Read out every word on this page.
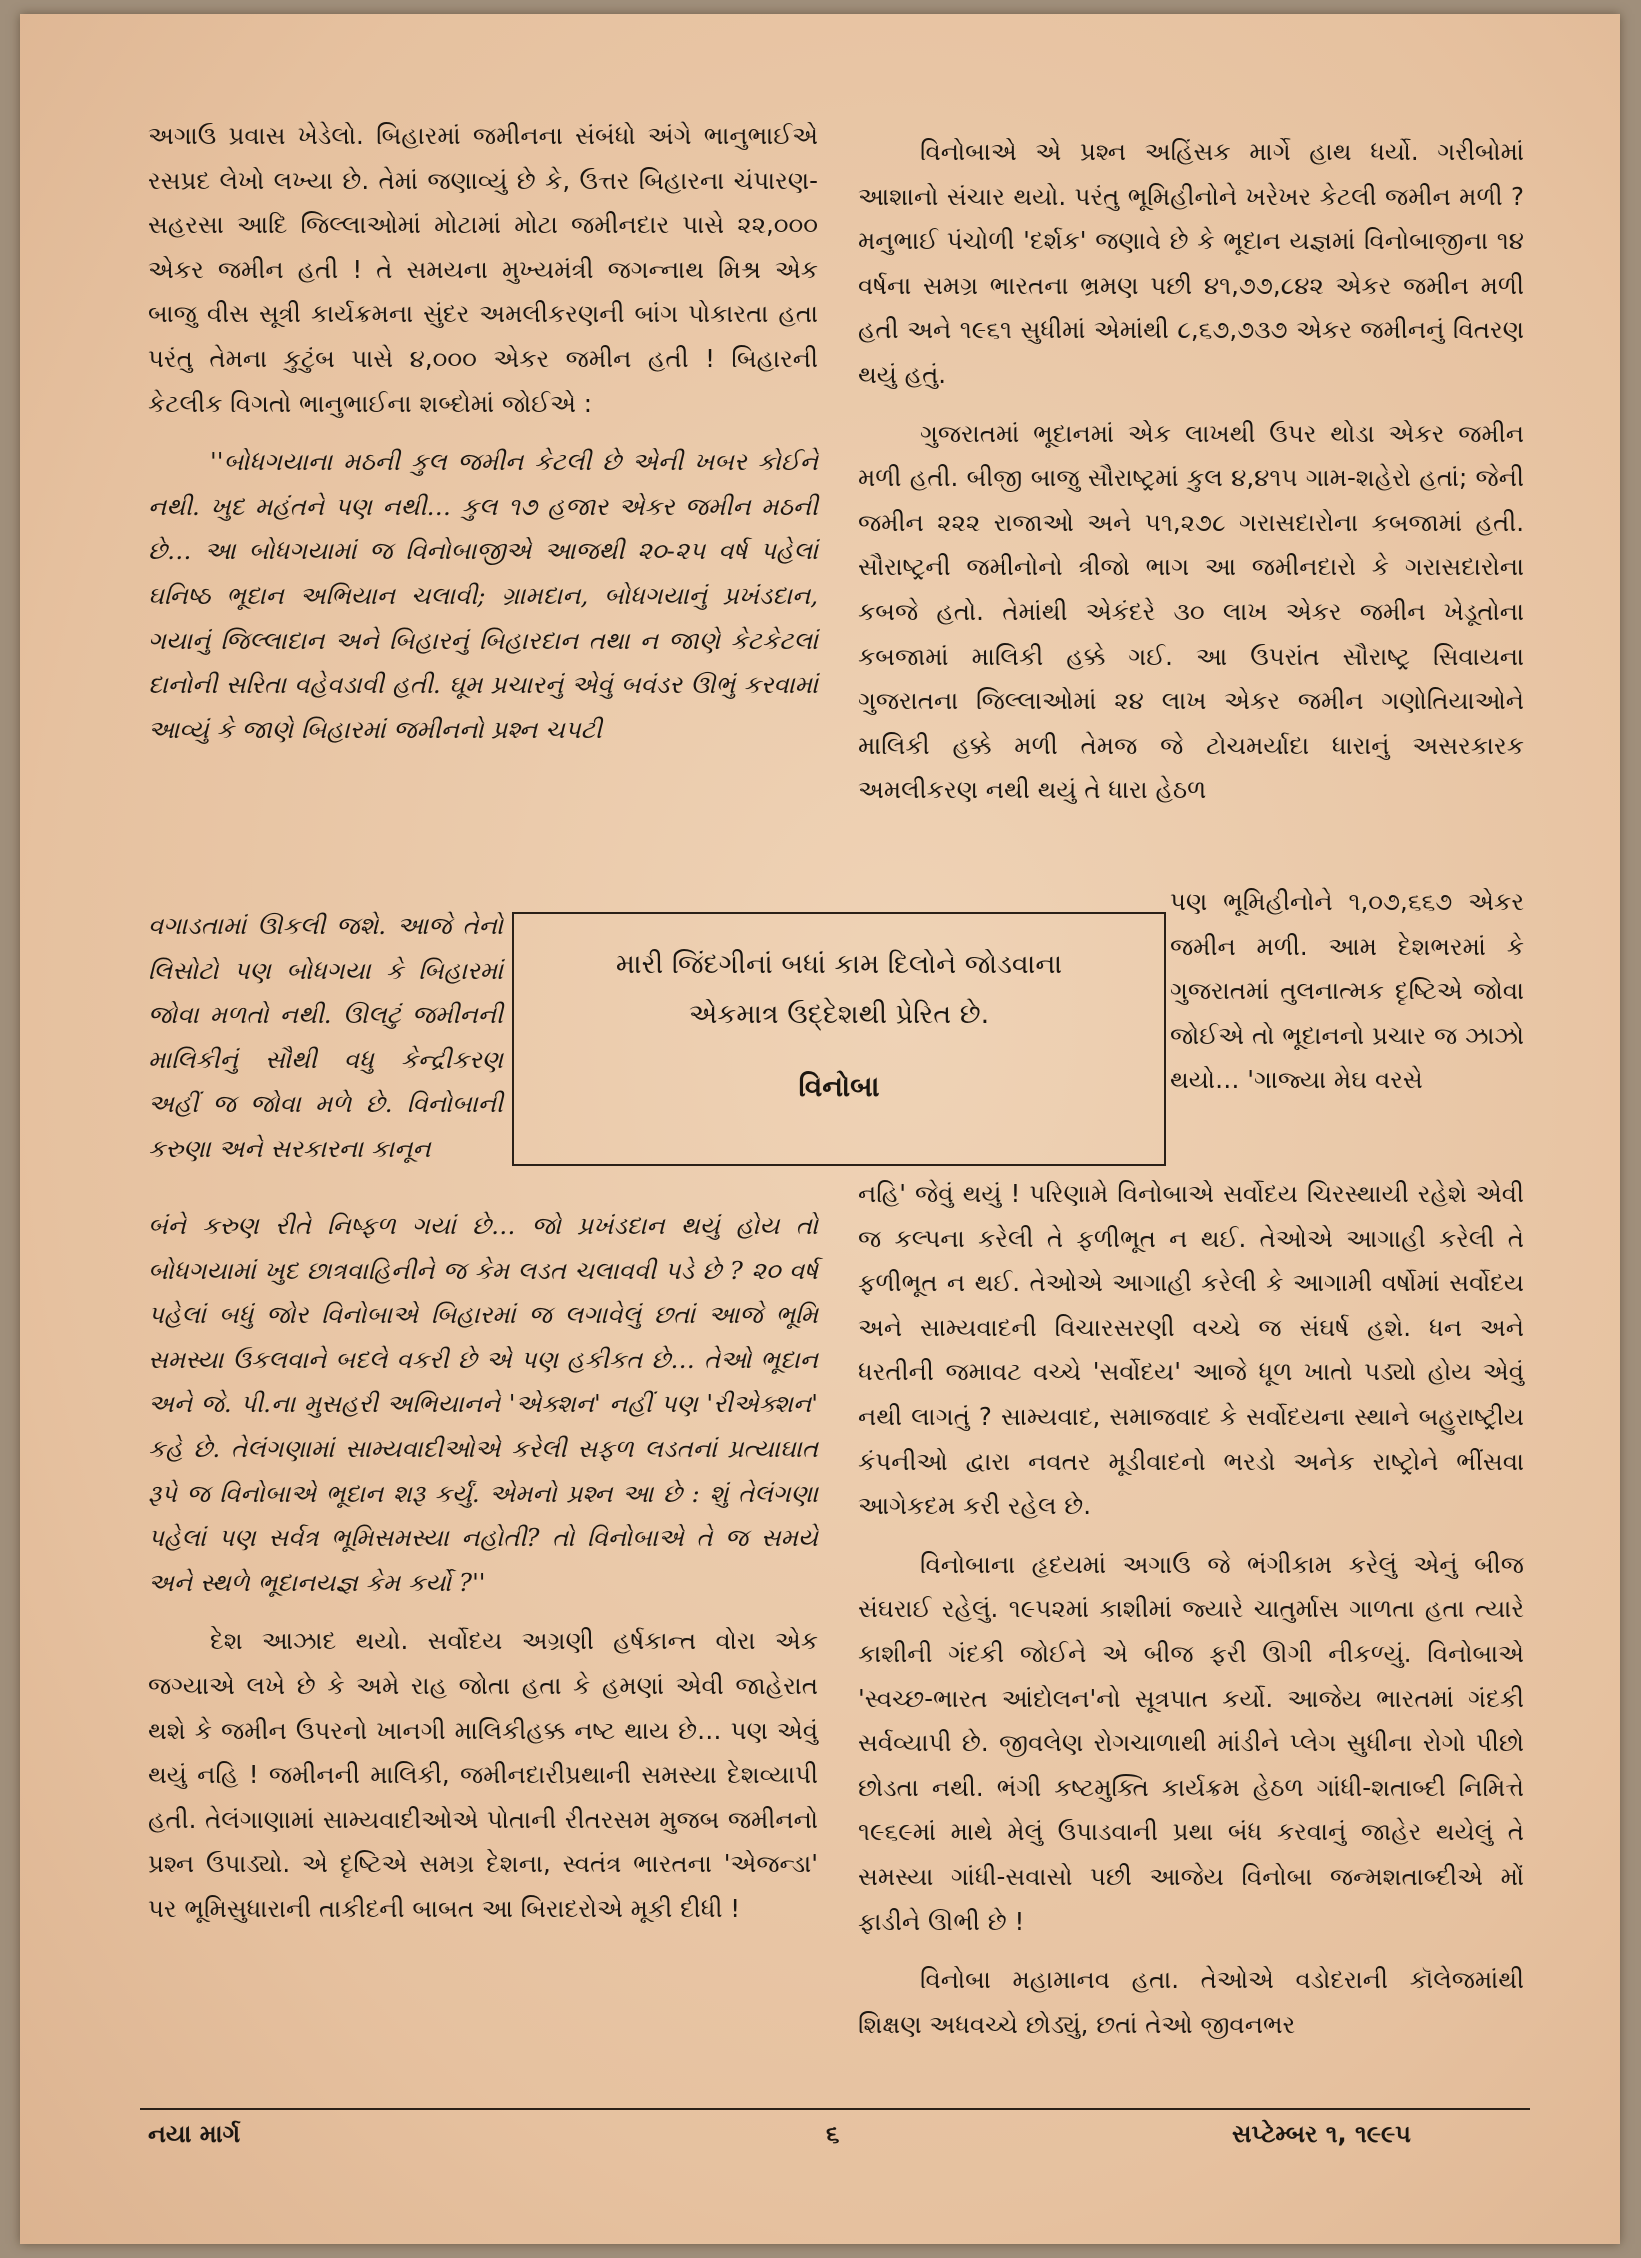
અગાઉ પ્રવાસ ખેડેલો. બિહારમાં જમીનના સંબંધો અંગે ભાનુભાઈએ રસપ્રદ લેખો લખ્યા છે. તેમાં જણાવ્યું છે કે, ઉત્તર બિહારના ચંપારણ-સહરસા આદિ જિલ્લાઓમાં મોટામાં મોટા જમીનદાર પાસે ૨૨,૦૦૦ એકર જમીન હતી ! તે સમયના મુખ્યમંત્રી જગન્નાથ મિશ્ર એક બાજુ વીસ સૂત્રી કાર્યક્રમના સુંદર અમલીકરણની બાંગ પોકારતા હતા પરંતુ તેમના કુટુંબ પાસે ૪,૦૦૦ એકર જમીન હતી ! બિહારની કેટલીક વિગતો ભાનુભાઈના શબ્દોમાં જોઈએ :

''બોધગયાના મઠની કુલ જમીન કેટલી છે એની ખબર કોઈને નથી. ખુદ મહંતને પણ નથી… કુલ ૧૭ હજાર એકર જમીન મઠની છે… આ બોધગયામાં જ વિનોબાજીએ આજથી ૨૦-૨૫ વર્ષ પહેલાં ઘનિષ્ઠ ભૂદાન અભિયાન ચલાવી; ગ્રામદાન, બોધગયાનું પ્રખંડદાન, ગયાનું જિલ્લાદાન અને બિહારનું બિહારદાન તથા ન જાણે કેટકેટલાં દાનોની સરિતા વહેવડાવી હતી. ઘૂમ પ્રચારનું એવું બવંડર ઊભું કરવામાં આવ્યું કે જાણે બિહારમાં જમીનનો પ્રશ્ન ચપટી

વગાડતામાં ઊકલી જશે. આજે તેનો લિસોટો પણ બોધગયા કે બિહારમાં જોવા મળતો નથી. ઊલટું જમીનની માલિકીનું સૌથી વધુ કેન્દ્રીકરણ અહીં જ જોવા મળે છે. વિનોબાની કરુણા અને સરકારના કાનૂન

બંને કરુણ રીતે નિષ્ફળ ગયાં છે… જો પ્રખંડદાન થયું હોય તો બોધગયામાં ખુદ છાત્રવાહિનીને જ કેમ લડત ચલાવવી પડે છે ? ૨૦ વર્ષ પહેલાં બધું જોર વિનોબાએ બિહારમાં જ લગાવેલું છતાં આજે ભૂમિ સમસ્યા ઉકલવાને બદલે વકરી છે એ પણ હકીકત છે… તેઓ ભૂદાન અને જે. પી.ના મુસહરી અભિયાનને 'એક્શન' નહીં પણ 'રીએક્શન' કહે છે. તેલંગણામાં સામ્યવાદીઓએ કરેલી સફળ લડતનાં પ્રત્યાઘાત રૂપે જ વિનોબાએ ભૂદાન શરૂ કર્યું. એમનો પ્રશ્ન આ છે : શું તેલંગણા પહેલાં પણ સર્વત્ર ભૂમિસમસ્યા નહોતી? તો વિનોબાએ તે જ સમયે અને સ્થળે ભૂદાનયજ્ઞ કેમ કર્યો ?''

દેશ આઝાદ થયો. સર્વોદય અગ્રણી હર્ષકાન્ત વોરા એક જગ્યાએ લખે છે કે અમે રાહ જોતા હતા કે હમણાં એવી જાહેરાત થશે કે જમીન ઉપરનો ખાનગી માલિકીહક્ક નષ્ટ થાય છે… પણ એવું થયું નહિ ! જમીનની માલિકી, જમીનદારીપ્રથાની સમસ્યા દેશવ્યાપી હતી. તેલંગાણામાં સામ્યવાદીઓએ પોતાની રીતરસમ મુજબ જમીનનો પ્રશ્ન ઉપાડ્યો. એ દૃષ્ટિએ સમગ્ર દેશના, સ્વતંત્ર ભારતના 'એજન્ડા' પર ભૂમિસુધારાની તાકીદની બાબત આ બિરાદરોએ મૂકી દીધી !

વિનોબાએ એ પ્રશ્ન અહિંસક માર્ગે હાથ ધર્યો. ગરીબોમાં આશાનો સંચાર થયો. પરંતુ ભૂમિહીનોને ખરેખર કેટલી જમીન મળી ? મનુભાઈ પંચોળી 'દર્શક' જણાવે છે કે ભૂદાન યજ્ઞમાં વિનોબાજીના ૧૪ વર્ષના સમગ્ર ભારતના ભ્રમણ પછી ૪૧,૭૭,૮૪૨ એકર જમીન મળી હતી અને ૧૯૬૧ સુધીમાં એમાંથી ૮,૬૭,૭૩૭ એકર જમીનનું વિતરણ થયું હતું.

ગુજરાતમાં ભૂદાનમાં એક લાખથી ઉપર થોડા એકર જમીન મળી હતી. બીજી બાજુ સૌરાષ્ટ્રમાં કુલ ૪,૪૧૫ ગામ-શહેરો હતાં; જેની જમીન ૨૨૨ રાજાઓ અને ૫૧,૨૭૮ ગરાસદારોના કબજામાં હતી. સૌરાષ્ટ્રની જમીનોનો ત્રીજો ભાગ આ જમીનદારો કે ગરાસદારોના કબજે હતો. તેમાંથી એકંદરે ૩૦ લાખ એકર જમીન ખેડૂતોના કબજામાં માલિકી હક્કે ગઈ. આ ઉપરાંત સૌરાષ્ટ્ર સિવાયના ગુજરાતના જિલ્લાઓમાં ૨૪ લાખ એકર જમીન ગણોતિયાઓને માલિકી હક્કે મળી તેમજ જે ટોચમર્યાદા ધારાનું અસરકારક અમલીકરણ નથી થયું તે ધારા હેઠળ

પણ ભૂમિહીનોને ૧,૦૭,૬૬૭ એકર જમીન મળી. આમ દેશભરમાં કે ગુજરાતમાં તુલનાત્મક દૃષ્ટિએ જોવા જોઈએ તો ભૂદાનનો પ્રચાર જ ઝાઝો થયો… 'ગાજ્યા મેઘ વરસે

નહિ' જેવું થયું ! પરિણામે વિનોબાએ સર્વોદય ચિરસ્થાયી રહેશે એવી જ કલ્પના કરેલી તે ફળીભૂત ન થઈ. તેઓએ આગાહી કરેલી તે ફળીભૂત ન થઈ. તેઓએ આગાહી કરેલી કે આગામી વર્ષોમાં સર્વોદય અને સામ્યવાદની વિચારસરણી વચ્ચે જ સંઘર્ષ હશે. ધન અને ધરતીની જમાવટ વચ્ચે 'સર્વોદય' આજે ધૂળ ખાતો પડ્યો હોય એવું નથી લાગતું ? સામ્યવાદ, સમાજવાદ કે સર્વોદયના સ્થાને બહુરાષ્ટ્રીય કંપનીઓ દ્વારા નવતર મૂડીવાદનો ભરડો અનેક રાષ્ટ્રોને ભીંસવા આગેકદમ કરી રહેલ છે.

વિનોબાના હૃદયમાં અગાઉ જે ભંગીકામ કરેલું એનું બીજ સંઘરાઈ રહેલું. ૧૯૫૨માં કાશીમાં જ્યારે ચાતુર્માસ ગાળતા હતા ત્યારે કાશીની ગંદકી જોઈને એ બીજ ફરી ઊગી નીકળ્યું. વિનોબાએ 'સ્વચ્છ-ભારત આંદોલન'નો સૂત્રપાત કર્યો. આજેય ભારતમાં ગંદકી સર્વવ્યાપી છે. જીવલેણ રોગચાળાથી માંડીને પ્લેગ સુધીના રોગો પીછો છોડતા નથી. ભંગી કષ્ટમુક્તિ કાર્યક્રમ હેઠળ ગાંધી-શતાબ્દી નિમિત્તે ૧૯૬૯માં માથે મેલું ઉપાડવાની પ્રથા બંધ કરવાનું જાહેર થયેલું તે સમસ્યા ગાંધી-સવાસો પછી આજેય વિનોબા જન્મશતાબ્દીએ મોં ફાડીને ઊભી છે !

વિનોબા મહામાનવ હતા. તેઓએ વડોદરાની કૉલેજમાંથી શિક્ષણ અધવચ્ચે છોડ્યું, છતાં તેઓ જીવનભર

મારી જિંદગીનાં બધાં કામ દિલોને જોડવાના
એકમાત્ર ઉદ્દેશથી પ્રેરિત છે.
વિનોબા
નયા માર્ગ	૬	સપ્ટેમ્બર ૧, ૧૯૯૫
